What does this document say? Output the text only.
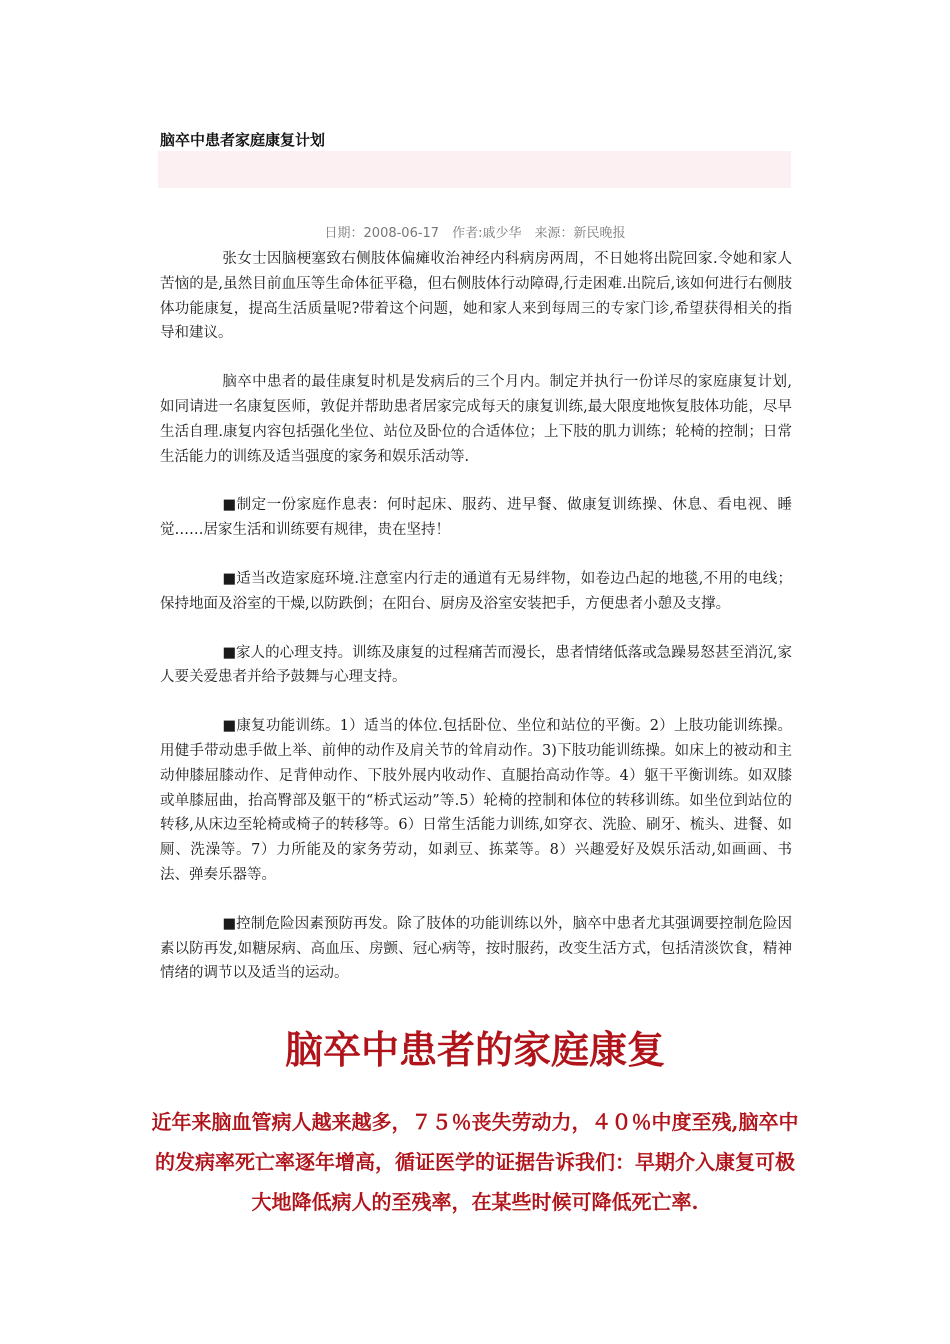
脑卒中患者家庭康复计划
日期：2008-06-17　作者:戚少华　来源：新民晚报

张女士因脑梗塞致右侧肢体偏瘫收治神经内科病房两周，不日她将出院回家.令她和家人苦恼的是,虽然目前血压等生命体征平稳，但右侧肢体行动障碍,行走困难.出院后,该如何进行右侧肢体功能康复，提高生活质量呢?带着这个问题，她和家人来到每周三的专家门诊,希望获得相关的指导和建议。

脑卒中患者的最佳康复时机是发病后的三个月内。制定并执行一份详尽的家庭康复计划,如同请进一名康复医师，敦促并帮助患者居家完成每天的康复训练,最大限度地恢复肢体功能，尽早生活自理.康复内容包括强化坐位、站位及卧位的合适体位；上下肢的肌力训练；轮椅的控制；日常生活能力的训练及适当强度的家务和娱乐活动等.

■制定一份家庭作息表：何时起床、服药、进早餐、做康复训练操、休息、看电视、睡觉……居家生活和训练要有规律，贵在坚持！

■适当改造家庭环境.注意室内行走的通道有无易绊物，如卷边凸起的地毯,不用的电线；保持地面及浴室的干燥,以防跌倒；在阳台、厨房及浴室安装把手，方便患者小憩及支撑。

■家人的心理支持。训练及康复的过程痛苦而漫长，患者情绪低落或急躁易怒甚至消沉,家人要关爱患者并给予鼓舞与心理支持。

■康复功能训练。1）适当的体位.包括卧位、坐位和站位的平衡。2）上肢功能训练操。用健手带动患手做上举、前伸的动作及肩关节的耸肩动作。3)下肢功能训练操。如床上的被动和主动伸膝屈膝动作、足背伸动作、下肢外展内收动作、直腿抬高动作等。4）躯干平衡训练。如双膝或单膝屈曲，抬高臀部及躯干的“桥式运动”等.5）轮椅的控制和体位的转移训练。如坐位到站位的转移,从床边至轮椅或椅子的转移等。6）日常生活能力训练,如穿衣、洗脸、刷牙、梳头、进餐、如厕、洗澡等。7）力所能及的家务劳动，如剥豆、拣菜等。8）兴趣爱好及娱乐活动,如画画、书法、弹奏乐器等。

■控制危险因素预防再发。除了肢体的功能训练以外，脑卒中患者尤其强调要控制危险因素以防再发,如糖尿病、高血压、房颤、冠心病等，按时服药，改变生活方式，包括清淡饮食，精神情绪的调节以及适当的运动。

脑卒中患者的家庭康复

近年来脑血管病人越来越多，７５％丧失劳动力，４０％中度至残,脑卒中的发病率死亡率逐年增高，循证医学的证据告诉我们：早期介入康复可极大地降低病人的至残率，在某些时候可降低死亡率.
